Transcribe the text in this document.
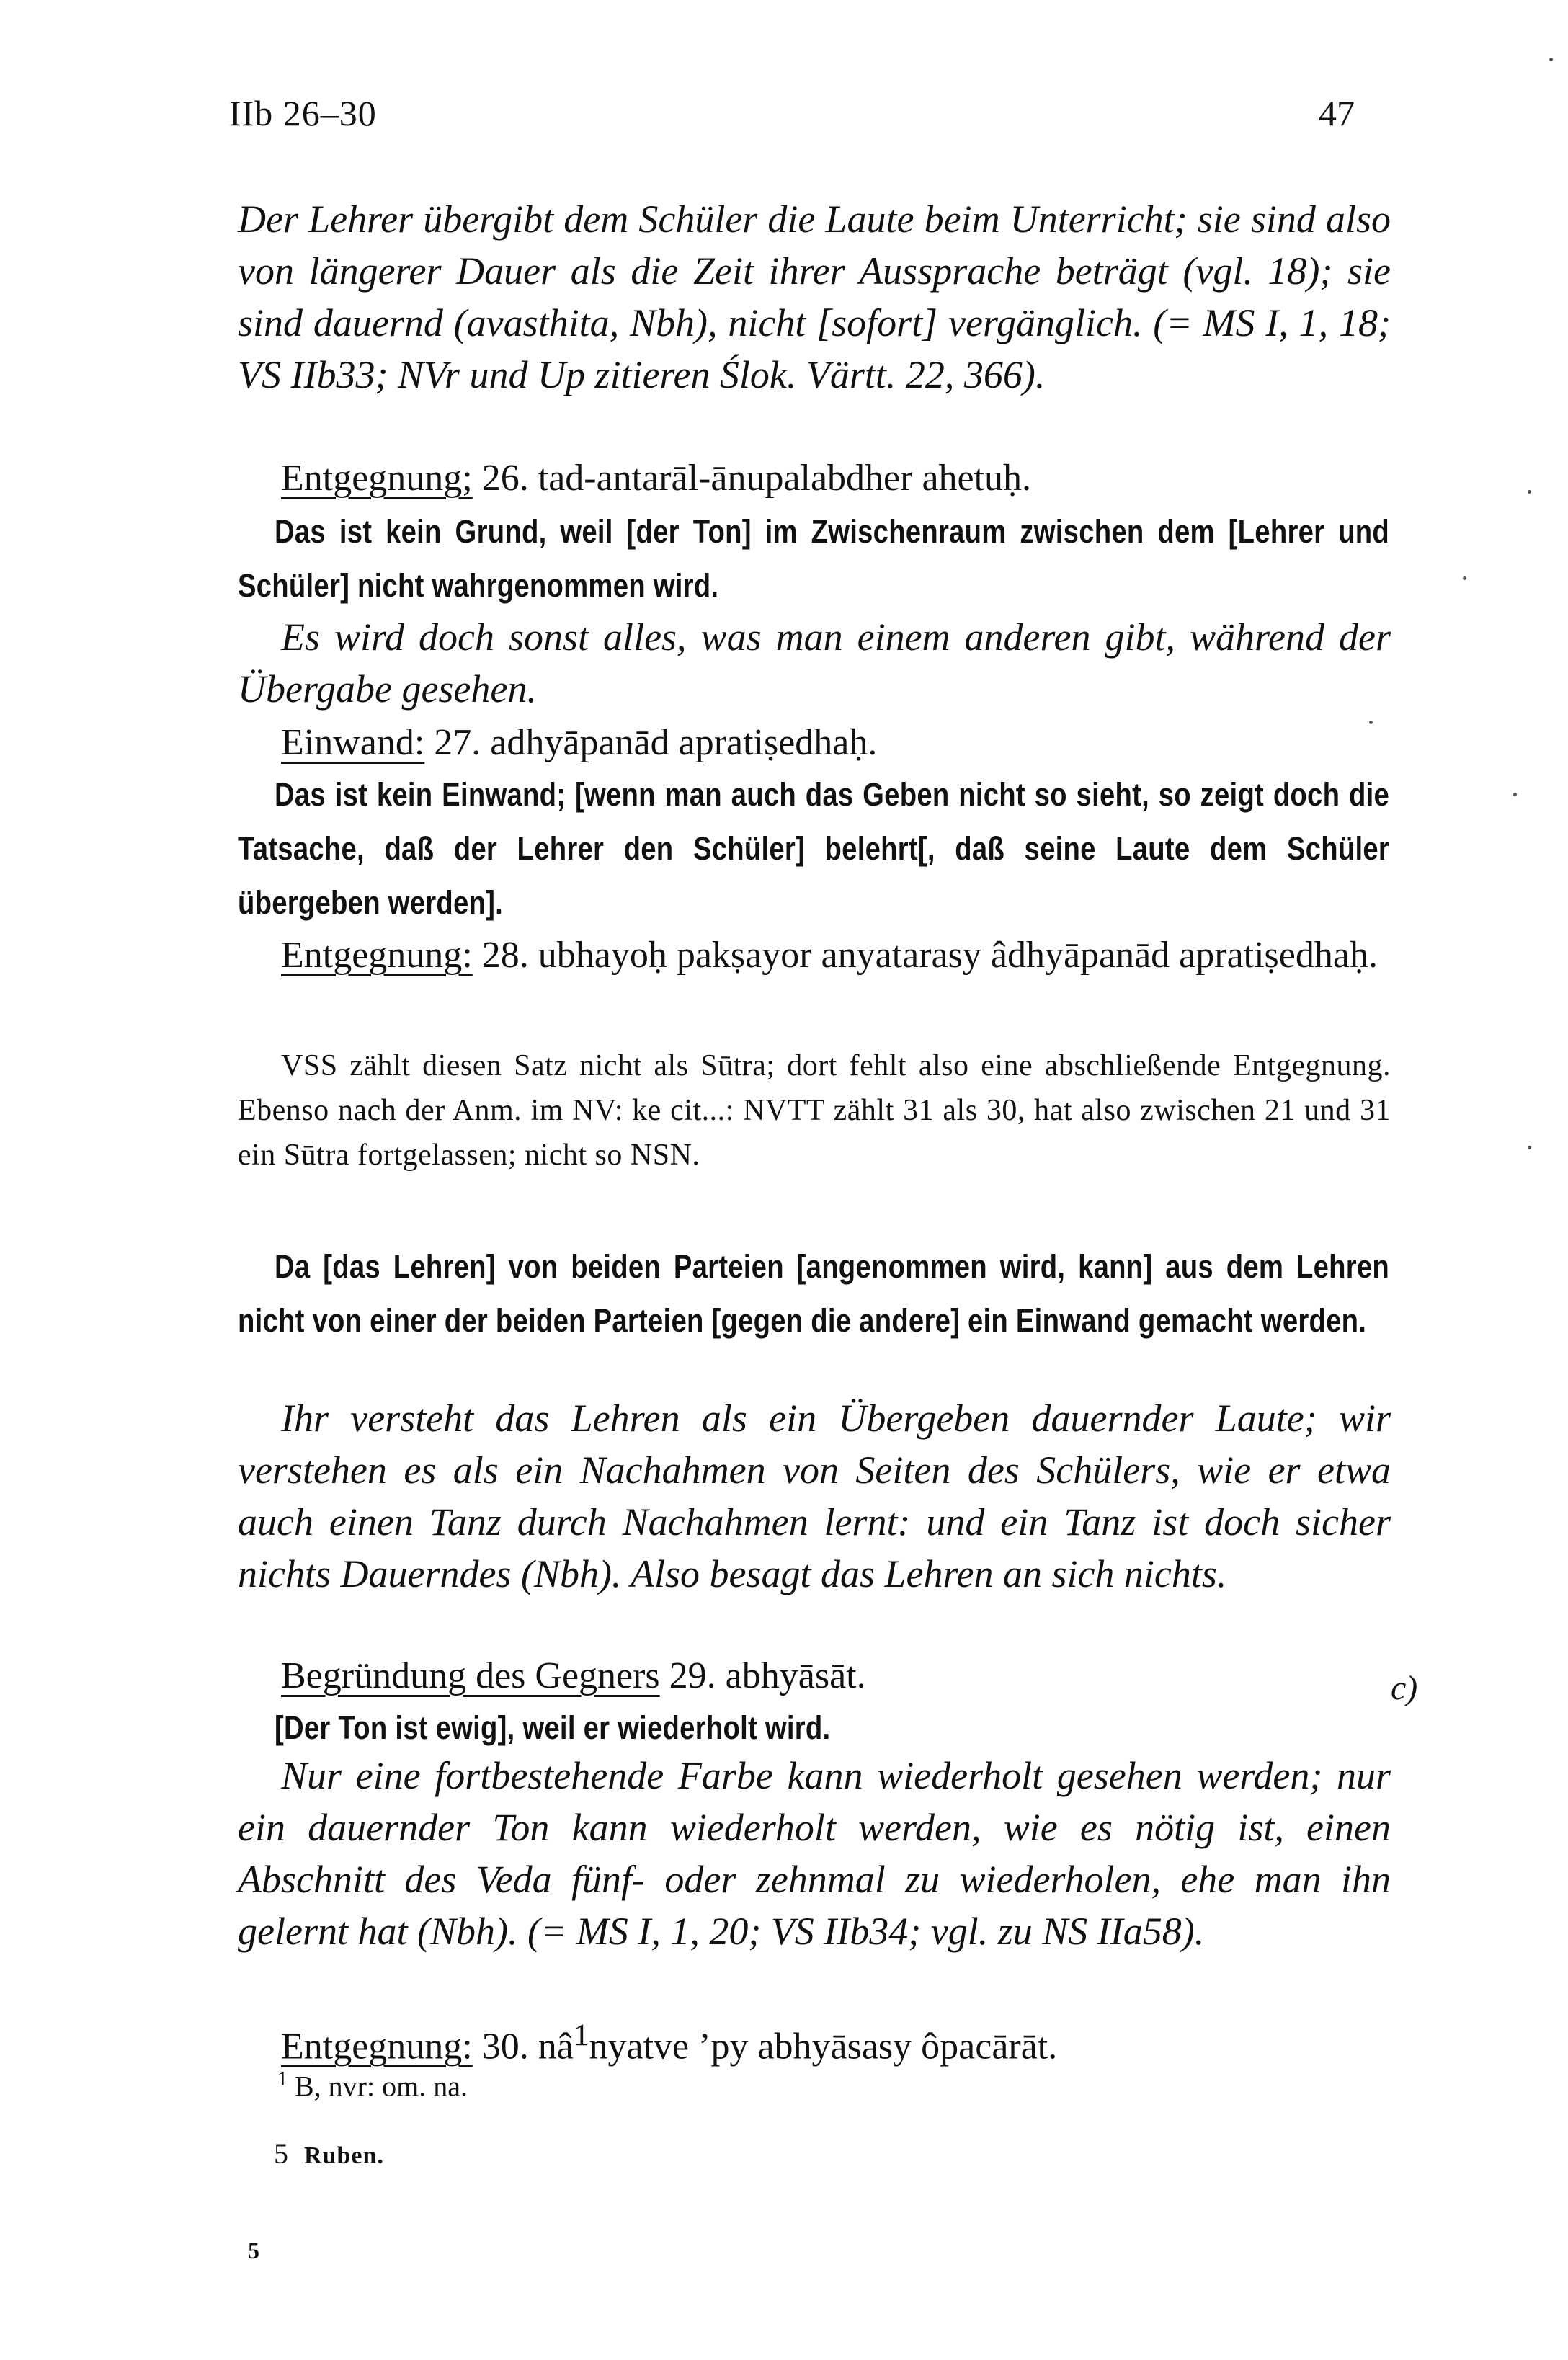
IIb 26–30	47

Der Lehrer übergibt dem Schüler die Laute beim Unterricht; sie sind also von längerer Dauer als die Zeit ihrer Aussprache beträgt (vgl. 18); sie sind dauernd (avasthita, Nbh), nicht [sofort] vergänglich. (= MS I, 1, 18; VS IIb33; NVr und Up zitieren Ślok. Värtt. 22, 366).

Entgegnung; 26. tad-antarāl-ānupalabdher ahetuḥ.

Das ist kein Grund, weil [der Ton] im Zwischenraum zwischen dem [Lehrer und Schüler] nicht wahrgenommen wird.

Es wird doch sonst alles, was man einem anderen gibt, während der Übergabe gesehen.

Einwand: 27. adhyāpanād apratiṣedhaḥ.

Das ist kein Einwand; [wenn man auch das Geben nicht so sieht, so zeigt doch die Tatsache, daß der Lehrer den Schüler] belehrt[, daß seine Laute dem Schüler übergeben werden].

Entgegnung: 28. ubhayoḥ pakṣayor anyatarasy âdhyāpanād apratiṣedhaḥ.

VSS zählt diesen Satz nicht als Sūtra; dort fehlt also eine abschließende Entgegnung. Ebenso nach der Anm. im NV: ke cit...: NVTT zählt 31 als 30, hat also zwischen 21 und 31 ein Sūtra fortgelassen; nicht so NSN.

Da [das Lehren] von beiden Parteien [angenommen wird, kann] aus dem Lehren nicht von einer der beiden Parteien [gegen die andere] ein Einwand gemacht werden.

Ihr versteht das Lehren als ein Übergeben dauernder Laute; wir verstehen es als ein Nachahmen von Seiten des Schülers, wie er etwa auch einen Tanz durch Nachahmen lernt: und ein Tanz ist doch sicher nichts Dauerndes (Nbh). Also besagt das Lehren an sich nichts.

Begründung des Gegners 29. abhyāsāt.	c)

[Der Ton ist ewig], weil er wiederholt wird.

Nur eine fortbestehende Farbe kann wiederholt gesehen werden; nur ein dauernder Ton kann wiederholt werden, wie es nötig ist, einen Abschnitt des Veda fünf- oder zehnmal zu wiederholen, ehe man ihn gelernt hat (Nbh). (= MS I, 1, 20; VS IIb34; vgl. zu NS IIa58).

Entgegnung: 30. $nâ^1nyatve$ ’py abhyāsasy ôpacārāt.

$^1$ B, nvr: om. na.
5 Ruben.
5
